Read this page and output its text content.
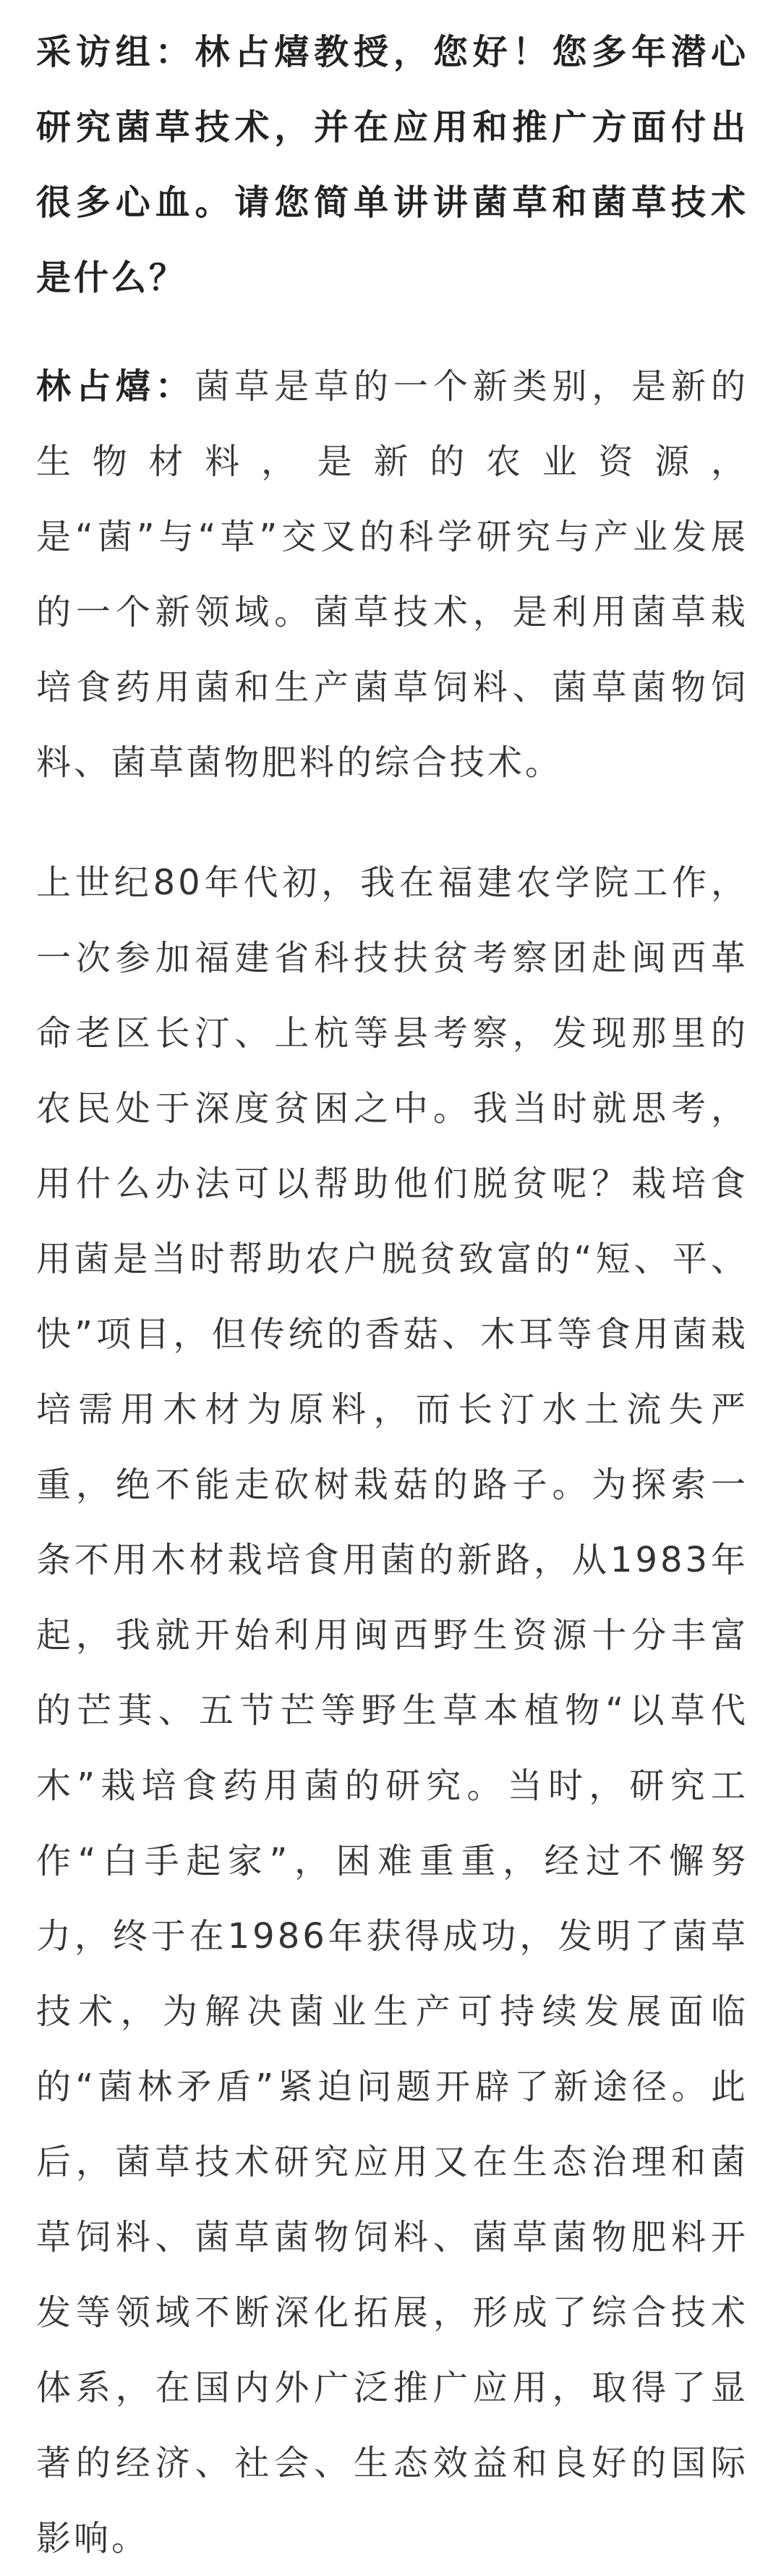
采访组：林占熺教授，您好！您多年潜心研究菌草技术，并在应用和推广方面付出很多心血。请您简单讲讲菌草和菌草技术是什么？

林占熺：菌草是草的一个新类别，是新的生物材料，是新的农业资源，是“菌”与“草”交叉的科学研究与产业发展的一个新领域。菌草技术，是利用菌草栽培食药用菌和生产菌草饲料、菌草菌物饲料、菌草菌物肥料的综合技术。

上世纪80年代初，我在福建农学院工作，一次参加福建省科技扶贫考察团赴闽西革命老区长汀、上杭等县考察，发现那里的农民处于深度贫困之中。我当时就思考，用什么办法可以帮助他们脱贫呢？栽培食用菌是当时帮助农户脱贫致富的“短、平、快”项目，但传统的香菇、木耳等食用菌栽培需用木材为原料，而长汀水土流失严重，绝不能走砍树栽菇的路子。为探索一条不用木材栽培食用菌的新路，从1983年起，我就开始利用闽西野生资源十分丰富的芒萁、五节芒等野生草本植物“以草代木”栽培食药用菌的研究。当时，研究工作“白手起家”，困难重重，经过不懈努力，终于在1986年获得成功，发明了菌草技术，为解决菌业生产可持续发展面临的“菌林矛盾”紧迫问题开辟了新途径。此后，菌草技术研究应用又在生态治理和菌草饲料、菌草菌物饲料、菌草菌物肥料开发等领域不断深化拓展，形成了综合技术体系，在国内外广泛推广应用，取得了显著的经济、社会、生态效益和良好的国际影响。
